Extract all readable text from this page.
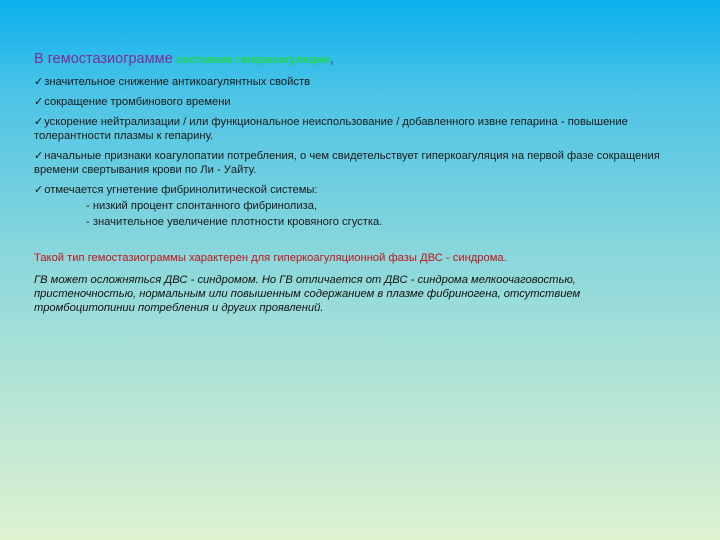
В гемостазиограмме состояние гиперкоагуляции,
✓значительное снижение антикоагулянтных свойств
✓сокращение тромбинового времени
✓ускорение нейтрализации / или функциональное неиспользование / добавленного извне гепарина - повышение толерантности плазмы к гепарину.
✓начальные признаки коагулопатии потребления, о чем свидетельствует гиперкоагуляция на первой фазе сокращения времени свертывания крови по Ли - Уайту.
✓отмечается угнетение фибринолитической системы:
- низкий процент спонтанного фибринолиза,
- значительное увеличение плотности кровяного сгустка.
Такой тип гемостазиограммы характерен для гиперкоагуляционной фазы ДВС - синдрома.
ГВ может осложняться ДВС - синдромом. Но ГВ отличается от ДВС - синдрома мелкоочаговостью, пристеночностью, нормальным или повышенным содержанием в плазме фибриногена, отсутствием тромбоцитопинии потребления и других проявлений.
